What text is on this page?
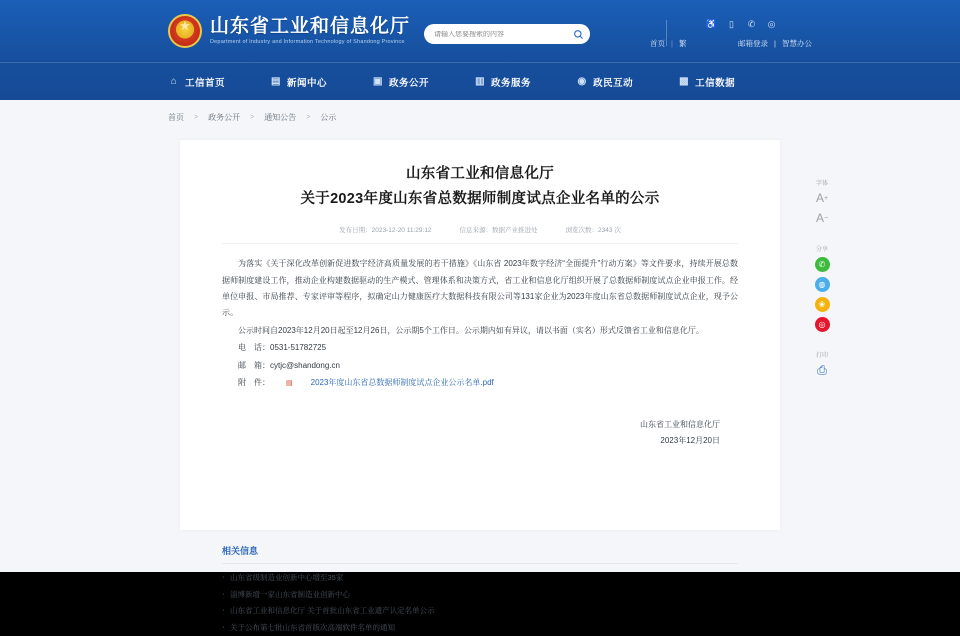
★
山东省工业和信息化厅
Department of Industry and Information Technology of Shandong Province
请输入您要搜索的内容
♿	▯	✆ ◎
首页 | 繁	邮箱登录 | 智慧办公
⌂ 工信首页	▤ 新闻中心	▣ 政务公开	▥ 政务服务	◉ 政民互动	▩ 工信数据
首页 > 政务公开 > 通知公告 > 公示
山东省工业和信息化厅
关于2023年度山东省总数据师制度试点企业名单的公示
发布日期：2023-12-20 11:29:12	信息来源：数据产业推进处	浏览次数：2343 次

为落实《关于深化改革创新促进数字经济高质量发展的若干措施》《山东省 2023年数字经济“全面提升”行动方案》等文件要求，持续开展总数据师制度建设工作，推动企业构建数据驱动的生产模式、管理体系和决策方式，省工业和信息化厅组织开展了总数据师制度试点企业申报工作。经单位申报、市局推荐、专家评审等程序，拟确定山力健康医疗大数据科技有限公司等131家企业为2023年度山东省总数据师制度试点企业，现予公示。

公示时间自2023年12月20日起至12月26日，公示期5个工作日。公示期内如有异议，请以书面（实名）形式反馈省工业和信息化厅。

电　话：0531-51782725

邮　箱：cytjc@shandong.cn

附　件：	▤	2023年度山东省总数据师制度试点企业公示名单.pdf

山东省工业和信息化厅
2023年12月20日
字体
A +
A −
分享
✆
◍
❀
◎
打印
⎙
相关信息
· 山东省级制造业创新中心增至35家
· 淄博新增一家山东省制造业创新中心
· 山东省工业和信息化厅 关于首批山东省工业遗产认定名单公示
· 关于公布第七批山东省首版次高端软件名单的通知
